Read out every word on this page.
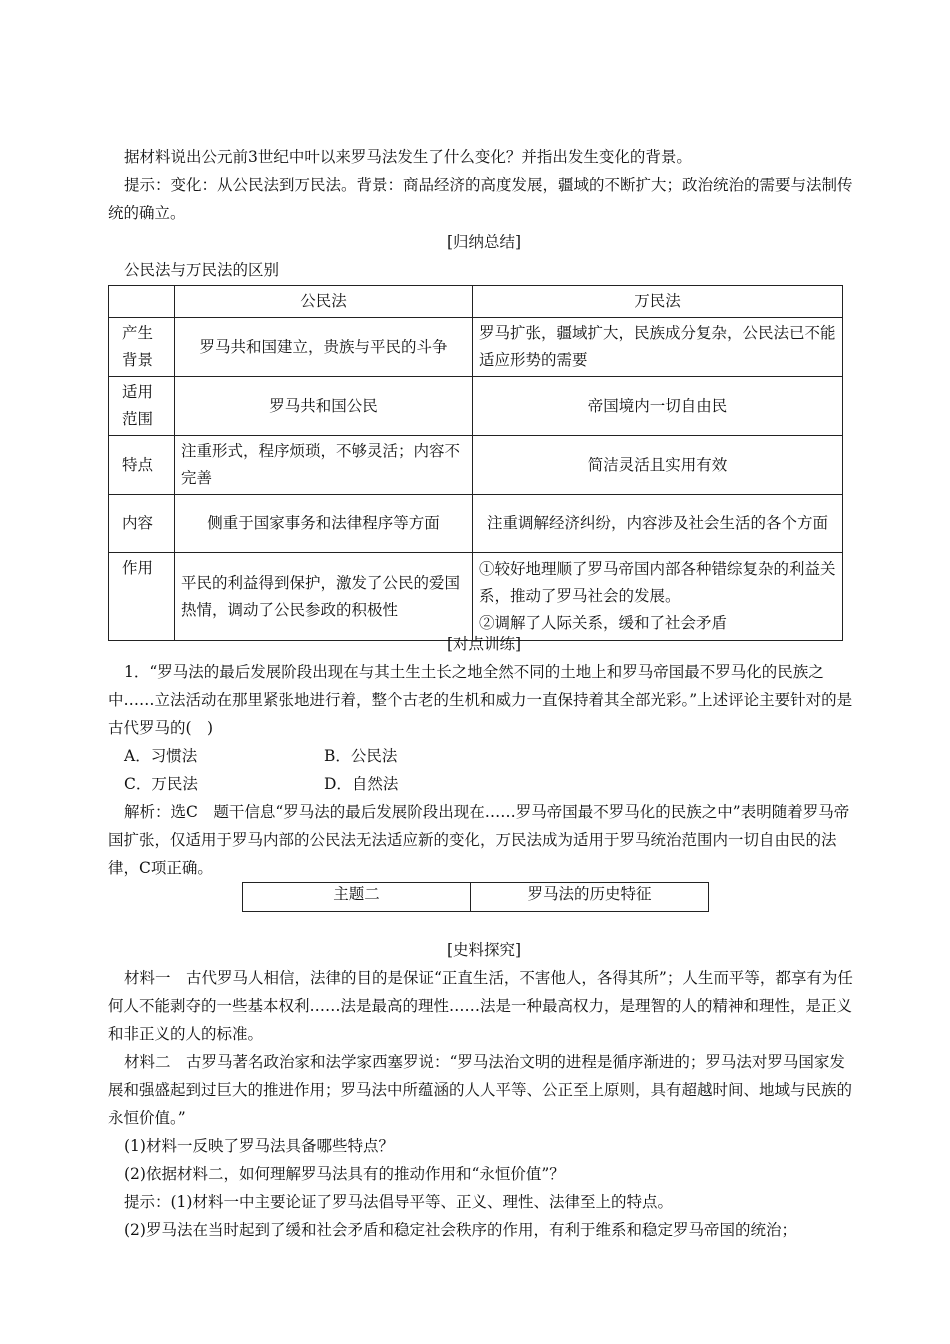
据材料说出公元前3世纪中叶以来罗马法发生了什么变化？并指出发生变化的背景。

提示：变化：从公民法到万民法。背景：商品经济的高度发展，疆域的不断扩大；政治统治的需要与法制传统的确立。

[归纳总结]

公民法与万民法的区别

	公民法	万民法
产生背景	罗马共和国建立，贵族与平民的斗争	罗马扩张，疆域扩大，民族成分复杂，公民法已不能适应形势的需要
适用范围	罗马共和国公民	帝国境内一切自由民
特点	注重形式，程序烦琐，不够灵活；内容不完善	简洁灵活且实用有效
内容	侧重于国家事务和法律程序等方面	注重调解经济纠纷，内容涉及社会生活的各个方面
作用	平民的利益得到保护，激发了公民的爱国热情，调动了公民参政的积极性	①较好地理顺了罗马帝国内部各种错综复杂的利益关系，推动了罗马社会的发展。
②调解了人际关系，缓和了社会矛盾

[对点训练]

1．“罗马法的最后发展阶段出现在与其土生土长之地全然不同的土地上和罗马帝国最不罗马化的民族之中……立法活动在那里紧张地进行着，整个古老的生机和威力一直保持着其全部光彩。”上述评论主要针对的是古代罗马的(　)

A．习惯法	B．公民法
C．万民法	D．自然法

解析：选C　题干信息“罗马法的最后发展阶段出现在……罗马帝国最不罗马化的民族之中”表明随着罗马帝国扩张，仅适用于罗马内部的公民法无法适应新的变化，万民法成为适用于罗马统治范围内一切自由民的法律，C项正确。

主题二	罗马法的历史特征

[史料探究]

材料一　古代罗马人相信，法律的目的是保证“正直生活，不害他人，各得其所”；人生而平等，都享有为任何人不能剥夺的一些基本权利……法是最高的理性……法是一种最高权力，是理智的人的精神和理性，是正义和非正义的人的标准。

材料二　古罗马著名政治家和法学家西塞罗说：“罗马法治文明的进程是循序渐进的；罗马法对罗马国家发展和强盛起到过巨大的推进作用；罗马法中所蕴涵的人人平等、公正至上原则，具有超越时间、地域与民族的永恒价值。”

(1)材料一反映了罗马法具备哪些特点？

(2)依据材料二，如何理解罗马法具有的推动作用和“永恒价值”？

提示：(1)材料一中主要论证了罗马法倡导平等、正义、理性、法律至上的特点。

(2)罗马法在当时起到了缓和社会矛盾和稳定社会秩序的作用，有利于维系和稳定罗马帝国的统治；
